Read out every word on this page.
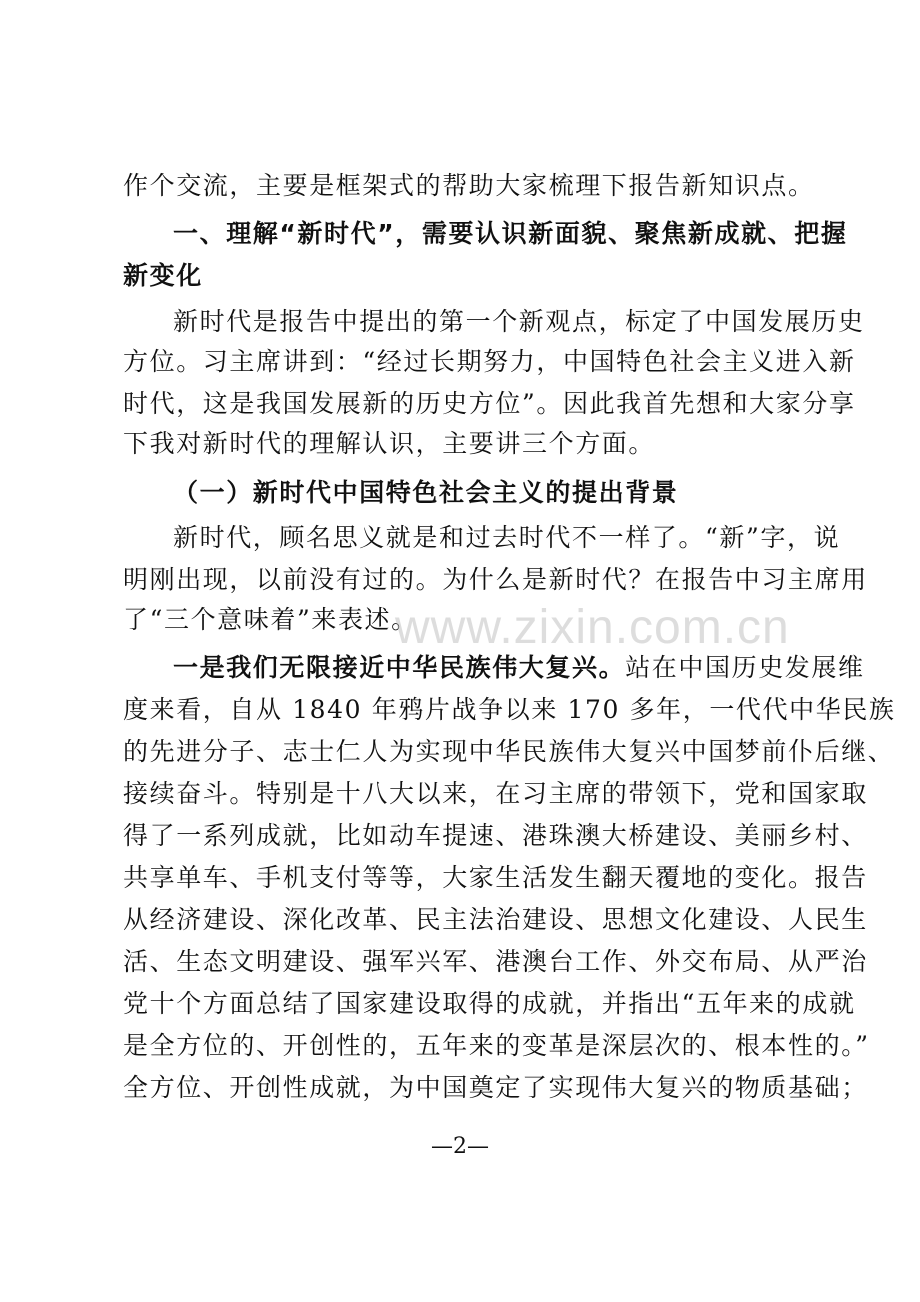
作个交流，主要是框架式的帮助大家梳理下报告新知识点。
一、理解“新时代”，需要认识新面貌、聚焦新成就、把握
新变化
新时代是报告中提出的第一个新观点，标定了中国发展历史
方位。习主席讲到：“经过长期努力，中国特色社会主义进入新
时代，这是我国发展新的历史方位”。因此我首先想和大家分享
下我对新时代的理解认识，主要讲三个方面。
（一）新时代中国特色社会主义的提出背景
新时代，顾名思义就是和过去时代不一样了。“新”字，说
明刚出现，以前没有过的。为什么是新时代？在报告中习主席用
了“三个意味着”来表述。
一是我们无限接近中华民族伟大复兴。站在中国历史发展维
度来看，自从 1840 年鸦片战争以来 170 多年，一代代中华民族
的先进分子、志士仁人为实现中华民族伟大复兴中国梦前仆后继、
接续奋斗。特别是十八大以来，在习主席的带领下，党和国家取
得了一系列成就，比如动车提速、港珠澳大桥建设、美丽乡村、
共享单车、手机支付等等，大家生活发生翻天覆地的变化。报告
从经济建设、深化改革、民主法治建设、思想文化建设、人民生
活、生态文明建设、强军兴军、港澳台工作、外交布局、从严治
党十个方面总结了国家建设取得的成就，并指出“五年来的成就
是全方位的、开创性的，五年来的变革是深层次的、根本性的。”
全方位、开创性成就，为中国奠定了实现伟大复兴的物质基础；
www.zixin.com.cn
—2—
